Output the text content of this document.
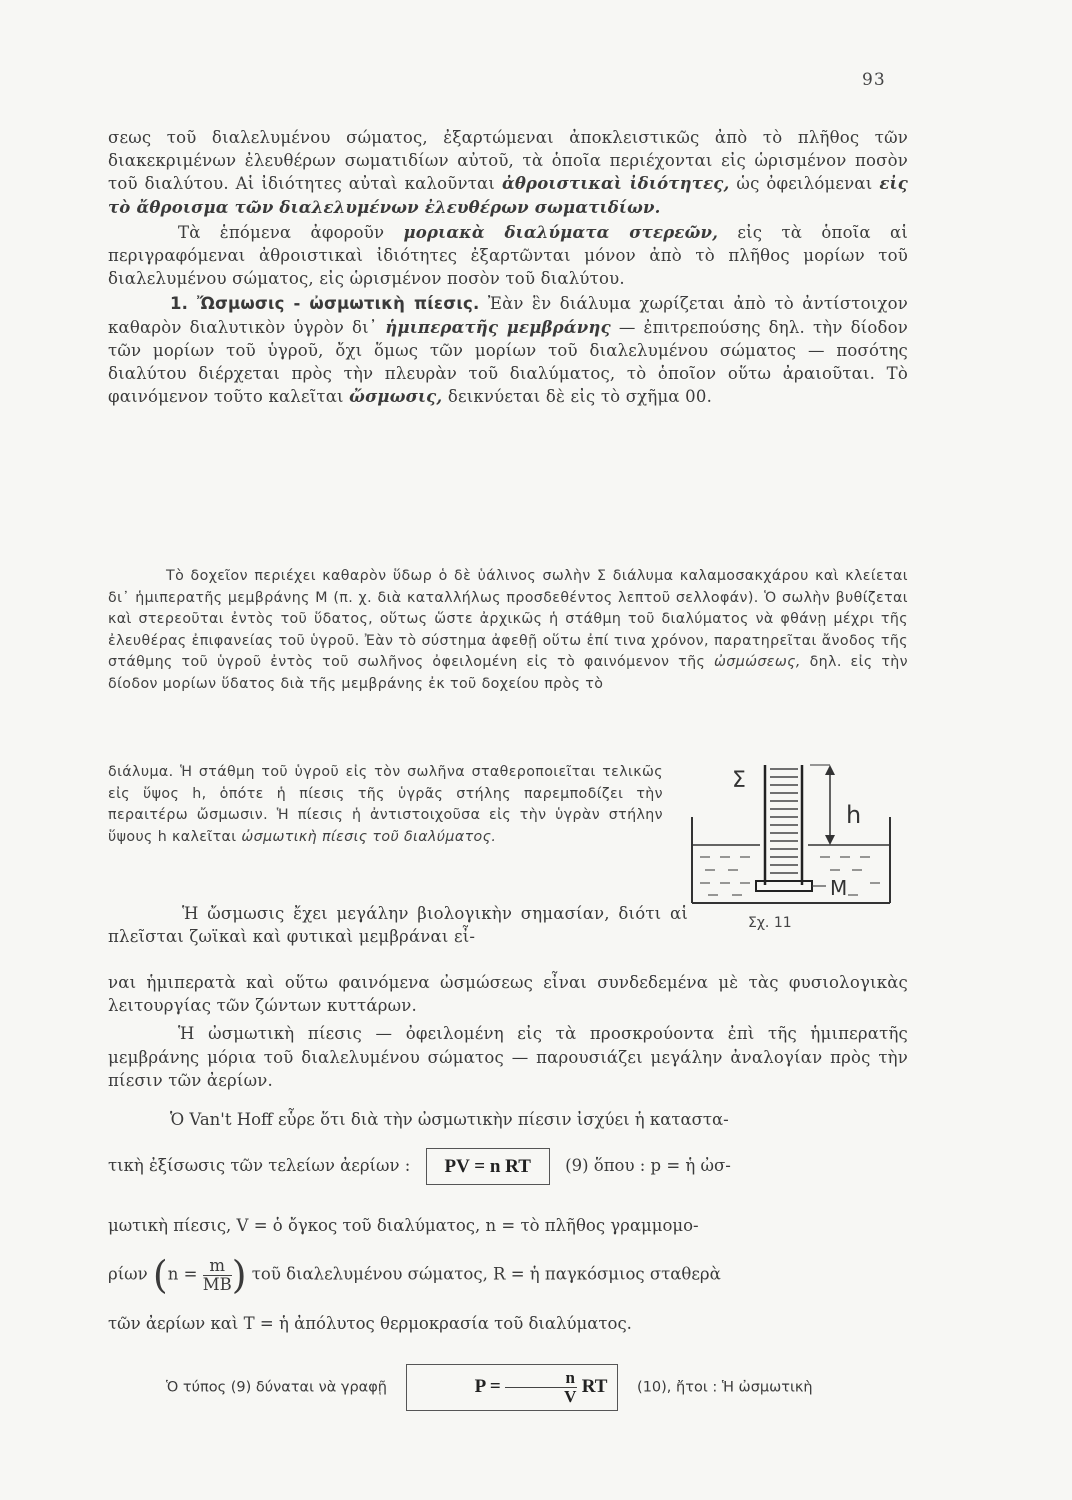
93

σεως τοῦ διαλελυμένου σώματος, ἐξαρτώμεναι ἀποκλειστικῶς ἀπὸ τὸ πλῆθος τῶν διακεκριμένων ἐλευθέρων σωματιδίων αὐτοῦ, τὰ ὁποῖα περιέχονται εἰς ὡρισμένον ποσὸν τοῦ διαλύτου. Αἱ ἰδιότητες αὐταὶ καλοῦνται ἀθροιστικαὶ ἰδιότητες, ὡς ὀφειλόμεναι εἰς τὸ ἄθροισμα τῶν διαλελυμένων ἐλευθέρων σωματιδίων.

Τὰ ἑπόμενα ἀφοροῦν μοριακὰ διαλύματα στερεῶν, εἰς τὰ ὁποῖα αἱ περιγραφόμεναι ἀθροιστικαὶ ἰδιότητες ἐξαρτῶνται μόνον ἀπὸ τὸ πλῆθος μορίων τοῦ διαλελυμένου σώματος, εἰς ὡρισμένον ποσὸν τοῦ διαλύτου.

1. Ὤσμωσις - ὠσμωτικὴ πίεσις. Ἐὰν ἓν διάλυμα χωρίζεται ἀπὸ τὸ ἀντίστοιχον καθαρὸν διαλυτικὸν ὑγρὸν δι᾽ ἡμιπερατῆς μεμβράνης — ἐπιτρεπούσης δηλ. τὴν δίοδον τῶν μορίων τοῦ ὑγροῦ, ὄχι ὅμως τῶν μορίων τοῦ διαλελυμένου σώματος — ποσότης διαλύτου διέρχεται πρὸς τὴν πλευρὰν τοῦ διαλύματος, τὸ ὁποῖον οὕτω ἀραιοῦται. Τὸ φαινόμενον τοῦτο καλεῖται ὤσμωσις, δεικνύεται δὲ εἰς τὸ σχῆμα 00.

Τὸ δοχεῖον περιέχει καθαρὸν ὕδωρ ὁ δὲ ὑάλινος σωλὴν Σ διάλυμα καλαμοσακχάρου καὶ κλείεται δι᾽ ἡμιπερατῆς μεμβράνης Μ (π. χ. διὰ καταλλήλως προσδεθέντος λεπτοῦ σελλοφάν). Ὁ σωλὴν βυθίζεται καὶ στερεοῦται ἐντὸς τοῦ ὕδατος, οὕτως ὥστε ἀρχικῶς ἡ στάθμη τοῦ διαλύματος νὰ φθάνῃ μέχρι τῆς ἐλευθέρας ἐπιφανείας τοῦ ὑγροῦ. Ἐὰν τὸ σύστημα ἀφεθῇ οὕτω ἐπί τινα χρόνον, παρατηρεῖται ἄνοδος τῆς στάθμης τοῦ ὑγροῦ ἐντὸς τοῦ σωλῆνος ὀφειλομένη εἰς τὸ φαινόμενον τῆς ὠσμώσεως, δηλ. εἰς τὴν δίοδον μορίων ὕδατος διὰ τῆς μεμβράνης ἐκ τοῦ δοχείου πρὸς τὸ

διάλυμα. Ἡ στάθμη τοῦ ὑγροῦ εἰς τὸν σωλῆνα σταθεροποιεῖται τελικῶς εἰς ὕψος h, ὁπότε ἡ πίεσις τῆς ὑγρᾶς στήλης παρεμποδίζει τὴν περαιτέρω ὤσμωσιν. Ἡ πίεσις ἡ ἀντιστοιχοῦσα εἰς τὴν ὑγρὰν στήλην ὕψους h καλεῖται ὠσμωτικὴ πίεσις τοῦ διαλύματος.

Σ
h
M
Σχ. 11

Ἡ ὤσμωσις ἔχει μεγάλην βιολογικὴν σημασίαν, διότι αἱ πλεῖσται ζωϊκαὶ καὶ φυτικαὶ μεμβράναι εἶ-

ναι ἡμιπερατὰ καὶ οὕτω φαινόμενα ὠσμώσεως εἶναι συνδεδεμένα μὲ τὰς φυσιολογικὰς λειτουργίας τῶν ζώντων κυττάρων.

Ἡ ὠσμωτικὴ πίεσις — ὀφειλομένη εἰς τὰ προσκρούοντα ἐπὶ τῆς ἡμιπερατῆς μεμβράνης μόρια τοῦ διαλελυμένου σώματος — παρουσιάζει μεγάλην ἀναλογίαν πρὸς τὴν πίεσιν τῶν ἀερίων.

Ὁ Van't Hoff εὗρε ὅτι διὰ τὴν ὠσμωτικὴν πίεσιν ἰσχύει ἡ καταστα-
τικὴ ἐξίσωσις τῶν τελείων ἀερίων : PV = n RT (9) ὅπου : p = ἡ ὠσ-
μωτικὴ πίεσις, V = ὁ ὄγκος τοῦ διαλύματος, n = τὸ πλῆθος γραμμομο-
ρίων ($n = \frac{m}{MB}$ ) τοῦ διαλελυμένου σώματος, R = ἡ παγκόσμιος σταθερὰ
τῶν ἀερίων καὶ T = ἡ ἀπόλυτος θερμοκρασία τοῦ διαλύματος.
Ὁ τύπος (9) δύναται νὰ γραφῇ	$P = \frac{n}{V}$ RT (10), ἤτοι : Ἡ ὠσμωτικὴ
